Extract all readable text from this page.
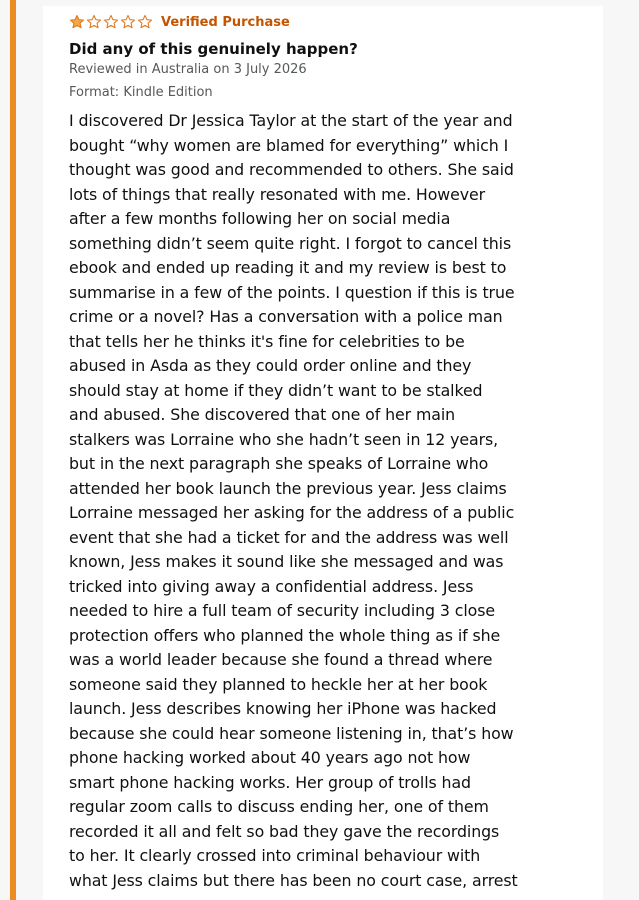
Verified Purchase
Did any of this genuinely happen?
Reviewed in Australia on 3 July 2026
Format: Kindle Edition
I discovered Dr Jessica Taylor at the start of the year and
bought “why women are blamed for everything” which I
thought was good and recommended to others. She said
lots of things that really resonated with me. However
after a few months following her on social media
something didn’t seem quite right. I forgot to cancel this
ebook and ended up reading it and my review is best to
summarise in a few of the points. I question if this is true
crime or a novel? Has a conversation with a police man
that tells her he thinks it's fine for celebrities to be
abused in Asda as they could order online and they
should stay at home if they didn’t want to be stalked
and abused. She discovered that one of her main
stalkers was Lorraine who she hadn’t seen in 12 years,
but in the next paragraph she speaks of Lorraine who
attended her book launch the previous year. Jess claims
Lorraine messaged her asking for the address of a public
event that she had a ticket for and the address was well
known, Jess makes it sound like she messaged and was
tricked into giving away a confidential address. Jess
needed to hire a full team of security including 3 close
protection offers who planned the whole thing as if she
was a world leader because she found a thread where
someone said they planned to heckle her at her book
launch. Jess describes knowing her iPhone was hacked
because she could hear someone listening in, that’s how
phone hacking worked about 40 years ago not how
smart phone hacking works. Her group of trolls had
regular zoom calls to discuss ending her, one of them
recorded it all and felt so bad they gave the recordings
to her. It clearly crossed into criminal behaviour with
what Jess claims but there has been no court case, arrest
